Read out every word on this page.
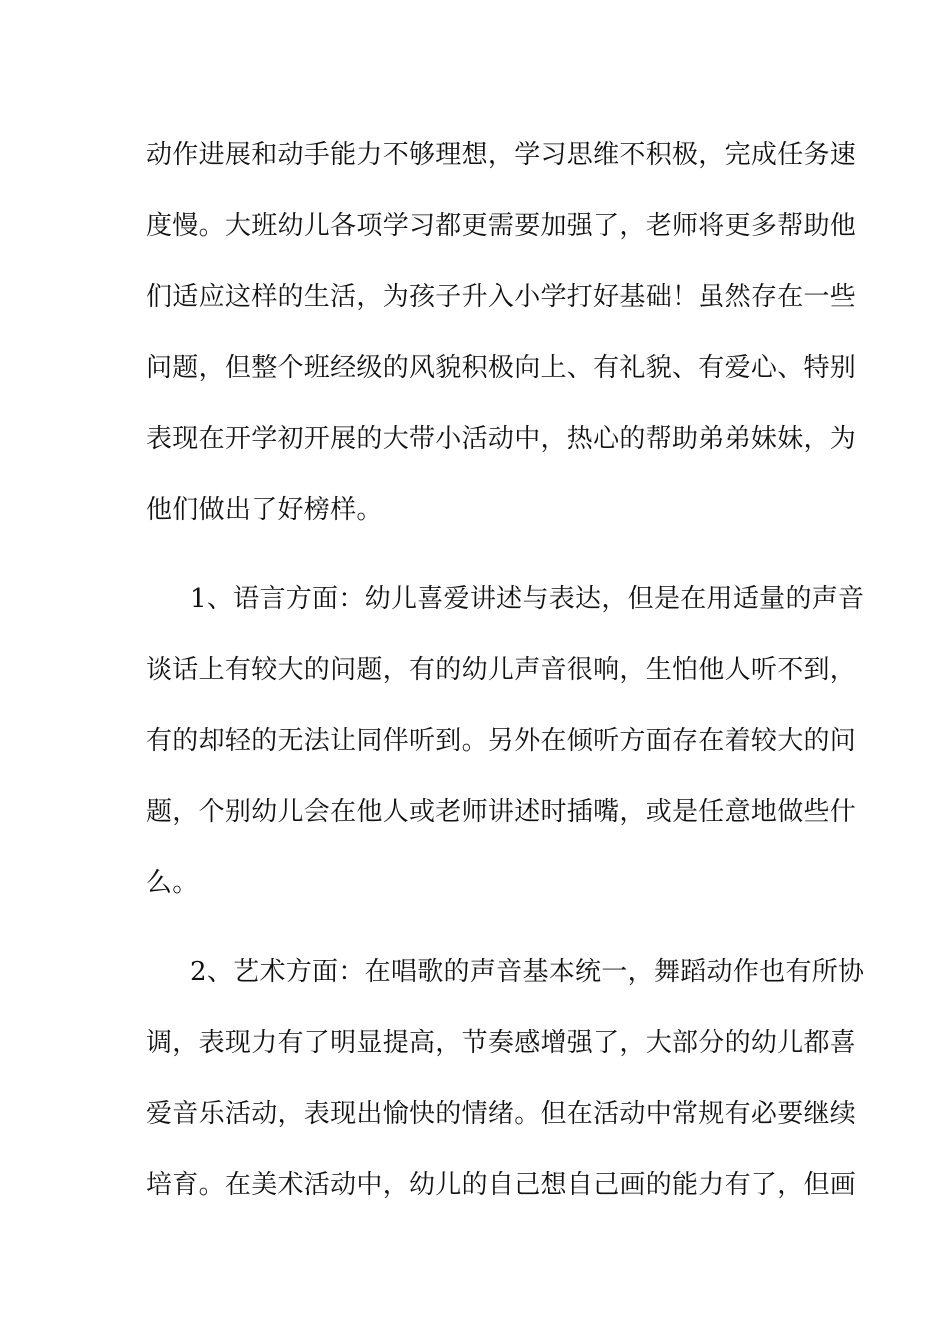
动作进展和动手能力不够理想，学习思维不积极，完成任务速
度慢。大班幼儿各项学习都更需要加强了，老师将更多帮助他
们适应这样的生活，为孩子升入小学打好基础！虽然存在一些
问题，但整个班经级的风貌积极向上、有礼貌、有爱心、特别
表现在开学初开展的大带小活动中，热心的帮助弟弟妹妹，为
他们做出了好榜样。
1、语言方面：幼儿喜爱讲述与表达，但是在用适量的声音
谈话上有较大的问题，有的幼儿声音很响，生怕他人听不到，
有的却轻的无法让同伴听到。另外在倾听方面存在着较大的问
题，个别幼儿会在他人或老师讲述时插嘴，或是任意地做些什
么。
2、艺术方面：在唱歌的声音基本统一，舞蹈动作也有所协
调，表现力有了明显提高，节奏感增强了，大部分的幼儿都喜
爱音乐活动，表现出愉快的情绪。但在活动中常规有必要继续
培育。在美术活动中，幼儿的自己想自己画的能力有了，但画
